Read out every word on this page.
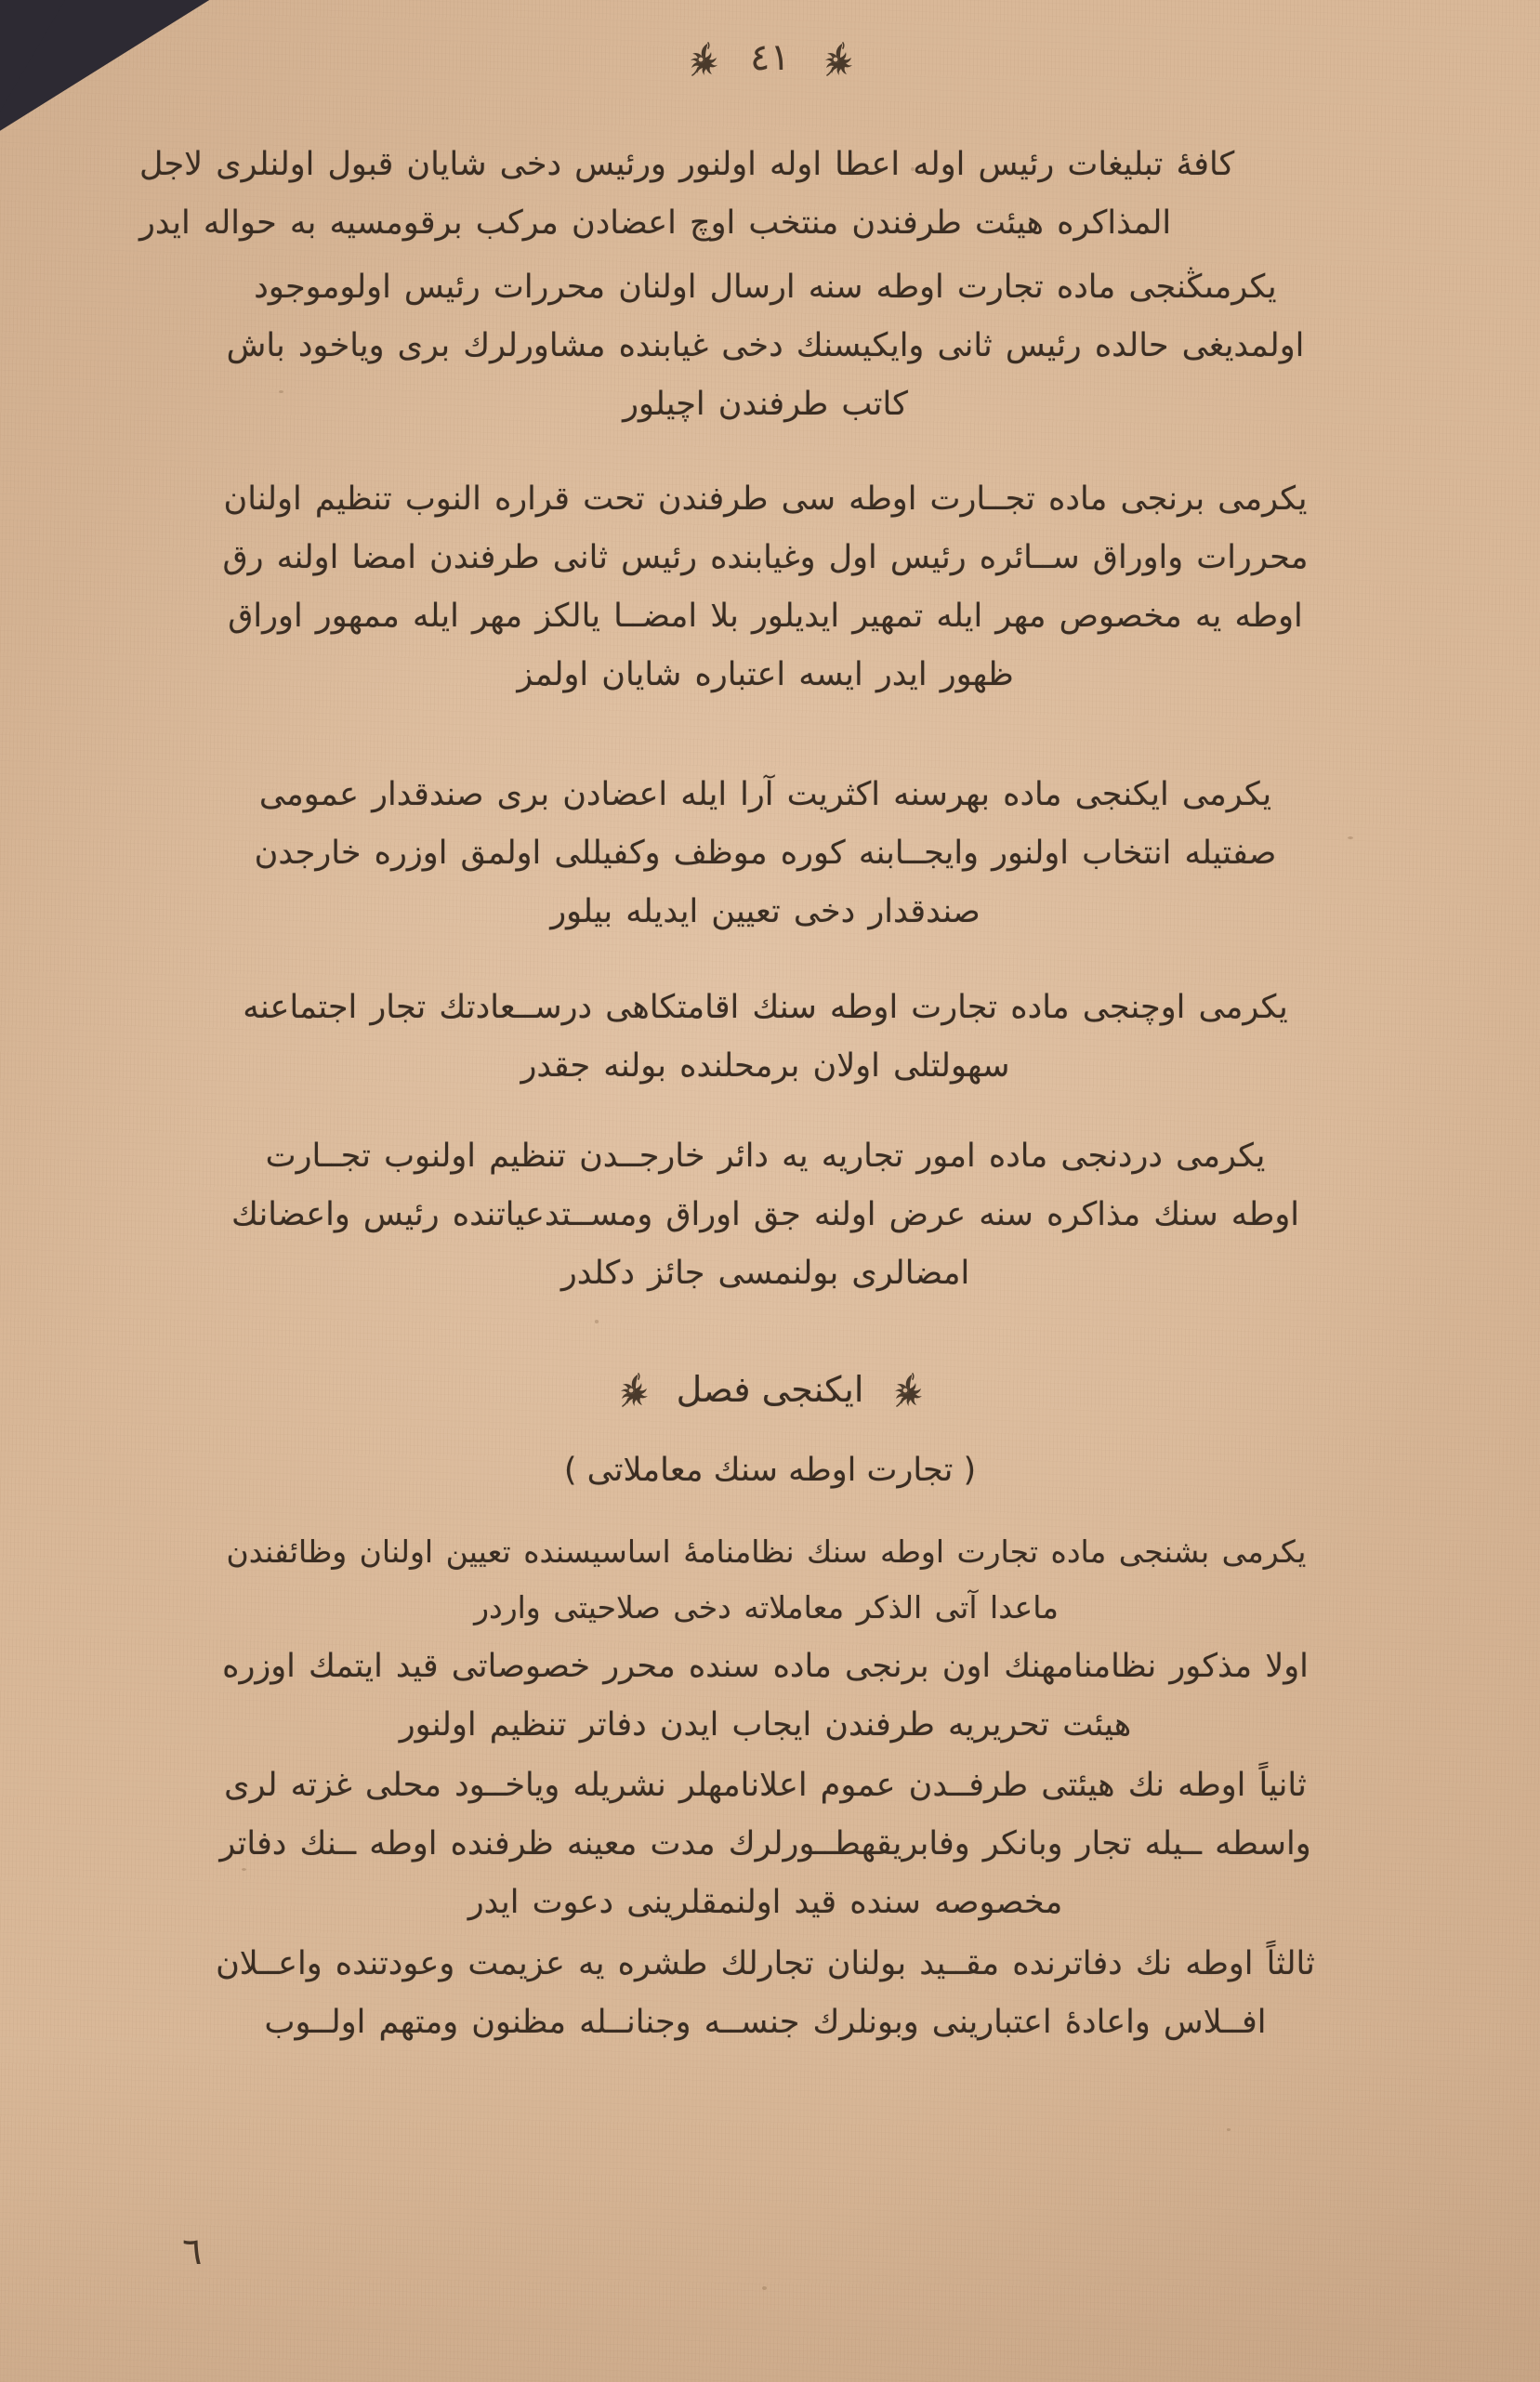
٤١
كافهٔ تبليغات رئيس اوله اعطا اوله اولنور ورئيس دخى شايان قبول اولنلرى لاجل
المذاكره هيئت طرفندن منتخب اوچ اعضادن مركب برقومسيه به حواله ايدر
يكرمىڭنجى ماده تجارت اوطه سنه ارسال اولنان محررات رئيس اولوموجود
اولمديغى حالده رئيس ثانى وايكيسنك دخى غيابنده مشاورلرك برى وياخود باش
كاتب طرفندن اچيلور
يكرمى برنجى ماده تجــارت اوطه سى طرفندن تحت قراره النوب تنظيم اولنان
محررات واوراق ســائره رئيس اول وغيابنده رئيس ثانى طرفندن امضا اولنه رق
اوطه يه مخصوص مهر ايله تمهير ايديلور بلا امضــا يالكز مهر ايله ممهور اوراق
ظهور ايدر ايسه اعتباره شايان اولمز
يكرمى ايكنجى ماده بهرسنه اكثريت آرا ايله اعضادن برى صندقدار عمومى
صفتيله انتخاب اولنور وايجــابنه كوره موظف وكفيللى اولمق اوزره خارجدن
صندقدار دخى تعيين ايديله بيلور
يكرمى اوچنجى ماده تجارت اوطه سنك اقامتكاهى درســعادتك تجار اجتماعنه
سهولتلى اولان برمحلنده بولنه جقدر
يكرمى دردنجى ماده امور تجاريه يه دائر خارجــدن تنظيم اولنوب تجــارت
اوطه سنك مذاكره سنه عرض اولنه جق اوراق ومســتدعياتنده رئيس واعضانك
امضالرى بولنمسى جائز دكلدر
ايكنجى فصل
( تجارت اوطه سنك معاملاتى )
يكرمى بشنجى ماده تجارت اوطه سنك نظامنامهٔ اساسيسنده تعيين اولنان وظائفندن
ماعدا آتى الذكر معاملاته دخى صلاحيتى واردر
اولا مذكور نظامنامهنك اون برنجى ماده سنده محرر خصوصاتى قيد ايتمك اوزره
هيئت تحريريه طرفندن ايجاب ايدن دفاتر تنظيم اولنور
ثانياً اوطه نك هيئتى طرفــدن عموم اعلانامهلر نشريله وياخــود محلى غزته لرى
واسطه ــيله تجار وبانكر وفابريقهطــورلرك مدت معينه ظرفنده اوطه ــنك دفاتر
مخصوصه سنده قيد اولنمقلرينى دعوت ايدر
ثالثاً اوطه نك دفاترنده مقــيد بولنان تجارلك طشره يه عزيمت وعودتنده واعــلان
افــلاس واعادهٔ اعتبارينى وبونلرك جنســه وجنانــله مظنون ومتهم اولــوب
٦
